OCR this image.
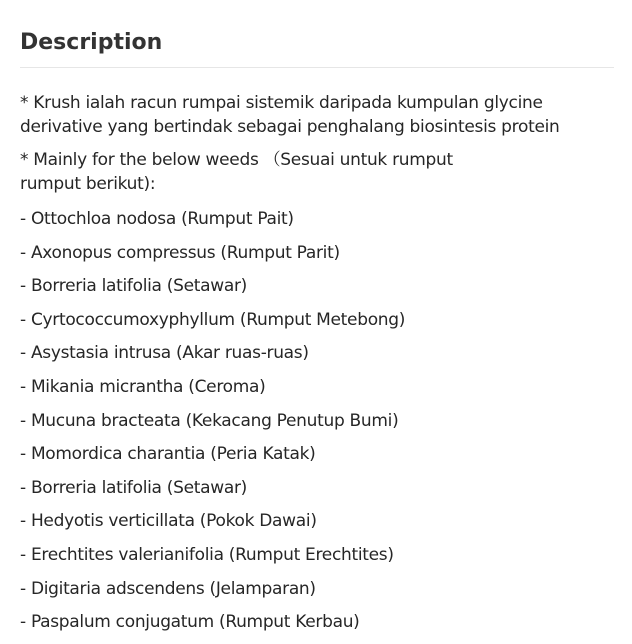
Description

* Krush ialah racun rumpai sistemik daripada kumpulan glycine
derivative yang bertindak sebagai penghalang biosintesis protein

* Mainly for the below weeds （Sesuai untuk rumput
rumput berikut):

- Ottochloa nodosa (Rumput Pait)
- Axonopus compressus (Rumput Parit)
- Borreria latifolia (Setawar)
- Cyrtococcumoxyphyllum (Rumput Metebong)
- Asystasia intrusa (Akar ruas-ruas)
- Mikania micrantha (Ceroma)
- Mucuna bracteata (Kekacang Penutup Bumi)
- Momordica charantia (Peria Katak)
- Borreria latifolia (Setawar)
- Hedyotis verticillata (Pokok Dawai)
- Erechtites valerianifolia (Rumput Erechtites)
- Digitaria adscendens (Jelamparan)
- Paspalum conjugatum (Rumput Kerbau)
